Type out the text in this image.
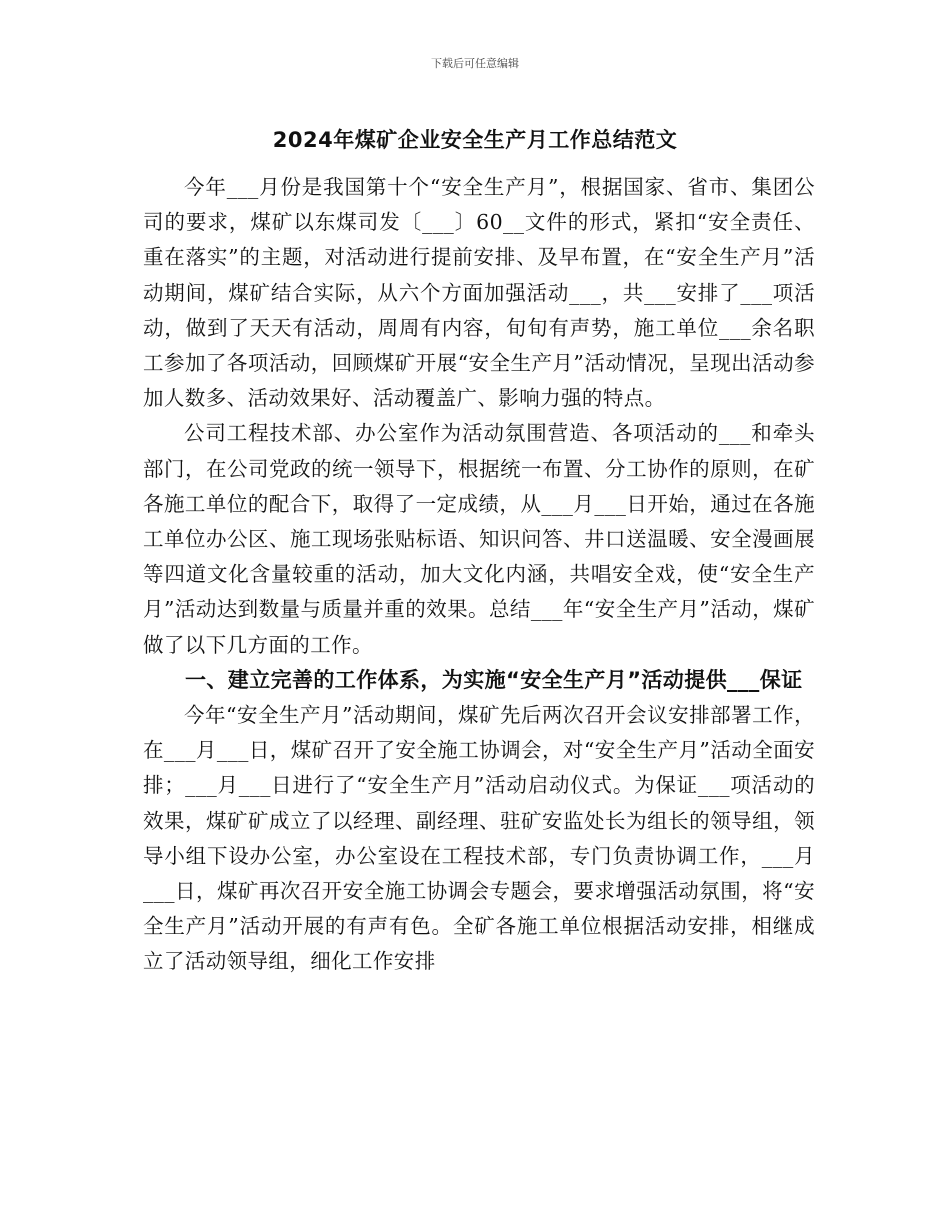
下载后可任意编辑
2024年煤矿企业安全生产月工作总结范文

今年___月份是我国第十个“安全生产月”，根据国家、省市、集团公司的要求，煤矿以东煤司发〔___〕60__文件的形式，紧扣“安全责任、重在落实”的主题，对活动进行提前安排、及早布置，在“安全生产月”活动期间，煤矿结合实际，从六个方面加强活动___，共___安排了___项活动，做到了天天有活动，周周有内容，旬旬有声势，施工单位___余名职工参加了各项活动，回顾煤矿开展“安全生产月”活动情况，呈现出活动参加人数多、活动效果好、活动覆盖广、影响力强的特点。

公司工程技术部、办公室作为活动氛围营造、各项活动的___和牵头部门，在公司党政的统一领导下，根据统一布置、分工协作的原则，在矿各施工单位的配合下，取得了一定成绩，从___月___日开始，通过在各施工单位办公区、施工现场张贴标语、知识问答、井口送温暖、安全漫画展等四道文化含量较重的活动，加大文化内涵，共唱安全戏，使“安全生产月”活动达到数量与质量并重的效果。总结___年“安全生产月”活动，煤矿做了以下几方面的工作。

一、建立完善的工作体系，为实施“安全生产月”活动提供___保证

今年“安全生产月”活动期间，煤矿先后两次召开会议安排部署工作，在___月___日，煤矿召开了安全施工协调会，对“安全生产月”活动全面安排；___月___日进行了“安全生产月”活动启动仪式。为保证___项活动的效果，煤矿矿成立了以经理、副经理、驻矿安监处长为组长的领导组，领导小组下设办公室，办公室设在工程技术部，专门负责协调工作，___月___日，煤矿再次召开安全施工协调会专题会，要求增强活动氛围，将“安全生产月”活动开展的有声有色。全矿各施工单位根据活动安排，相继成立了活动领导组，细化工作安排
